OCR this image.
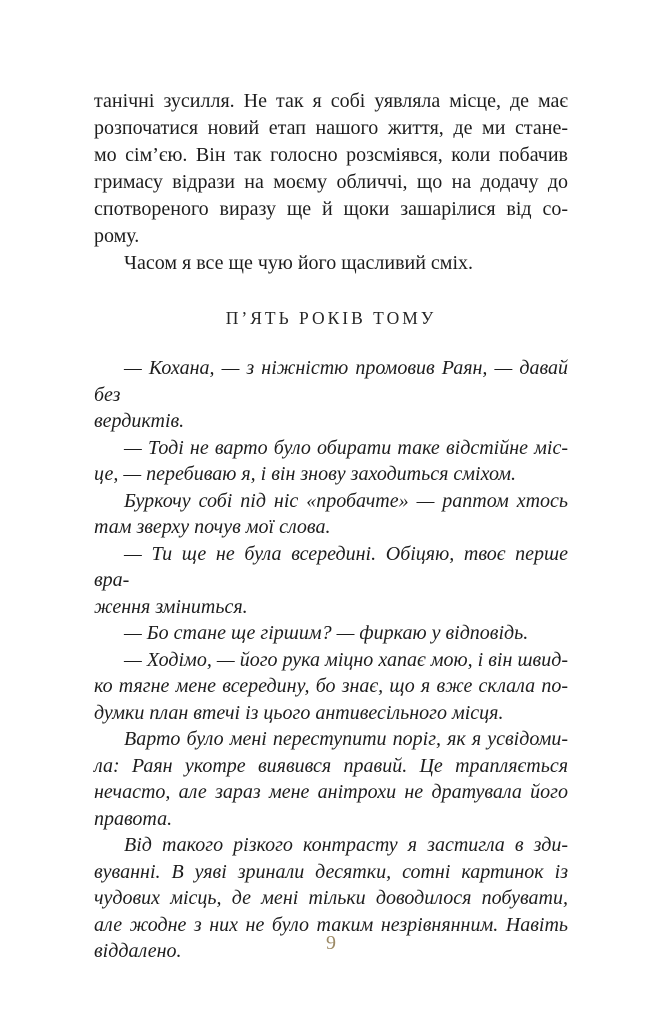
танічні зусилля. Не так я собі уявляла місце, де має
розпочатися новий етап нашого життя, де ми стане-
мо сім’єю. Він так голосно розсміявся, коли побачив
гримасу відрази на моєму обличчі, що на додачу до
спотвореного виразу ще й щоки зашарілися від со-
рому.
Часом я все ще чую його щасливий сміх.
П’ЯТЬ РОКІВ ТОМУ
— Кохана, — з ніжністю промовив Раян, — давай без
вердиктів.
— Тоді не варто було обирати таке відстійне міс-
це, — перебиваю я, і він знову заходиться сміхом.
Буркочу собі під ніс «пробачте» — раптом хтось
там зверху почув мої слова.
— Ти ще не була всередині. Обіцяю, твоє перше вра-
ження зміниться.
— Бо стане ще гіршим? — фиркаю у відповідь.
— Ходімо, — його рука міцно хапає мою, і він швид-
ко тягне мене всередину, бо знає, що я вже склала по-
думки план втечі із цього антивесільного місця.
Варто було мені переступити поріг, як я усвідоми-
ла: Раян укотре виявився правий. Це трапляється
нечасто, але зараз мене анітрохи не дратувала його
правота.
Від такого різкого контрасту я застигла в зди-
вуванні. В уяві зринали десятки, сотні картинок із
чудових місць, де мені тільки доводилося побувати,
але жодне з них не було таким незрівнянним. Навіть
віддалено.	9
